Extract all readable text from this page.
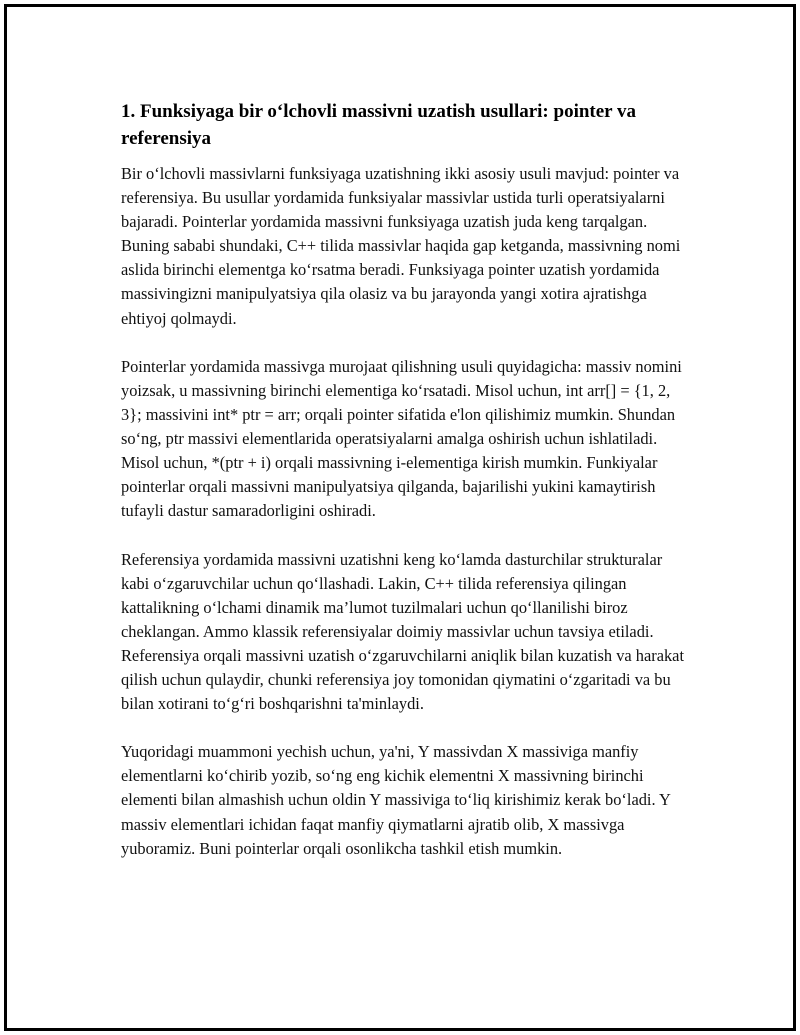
1. Funksiyaga bir o‘lchovli massivni uzatish usullari: pointer va referensiya

Bir o‘lchovli massivlarni funksiyaga uzatishning ikki asosiy usuli mavjud: pointer va referensiya. Bu usullar yordamida funksiyalar massivlar ustida turli operatsiyalarni bajaradi. Pointerlar yordamida massivni funksiyaga uzatish juda keng tarqalgan. Buning sababi shundaki, C++ tilida massivlar haqida gap ketganda, massivning nomi aslida birinchi elementga ko‘rsatma beradi. Funksiyaga pointer uzatish yordamida massivingizni manipulyatsiya qila olasiz va bu jarayonda yangi xotira ajratishga ehtiyoj qolmaydi.

Pointerlar yordamida massivga murojaat qilishning usuli quyidagicha: massiv nomini yoizsak, u massivning birinchi elementiga ko‘rsatadi. Misol uchun, int arr[] = {1, 2, 3}; massivini int* ptr = arr; orqali pointer sifatida e'lon qilishimiz mumkin. Shundan so‘ng, ptr massivi elementlarida operatsiyalarni amalga oshirish uchun ishlatiladi. Misol uchun, *(ptr + i) orqali massivning i-elementiga kirish mumkin. Funkiyalar pointerlar orqali massivni manipulyatsiya qilganda, bajarilishi yukini kamaytirish tufayli dastur samaradorligini oshiradi.

Referensiya yordamida massivni uzatishni keng ko‘lamda dasturchilar strukturalar kabi o‘zgaruvchilar uchun qo‘llashadi. Lakin, C++ tilida referensiya qilingan kattalikning o‘lchami dinamik ma’lumot tuzilmalari uchun qo‘llanilishi biroz cheklangan. Ammo klassik referensiyalar doimiy massivlar uchun tavsiya etiladi. Referensiya orqali massivni uzatish o‘zgaruvchilarni aniqlik bilan kuzatish va harakat qilish uchun qulaydir, chunki referensiya joy tomonidan qiymatini o‘zgaritadi va bu bilan xotirani to‘g‘ri boshqarishni ta'minlaydi.

Yuqoridagi muammoni yechish uchun, ya'ni, Y massivdan X massiviga manfiy elementlarni ko‘chirib yozib, so‘ng eng kichik elementni X massivning birinchi elementi bilan almashish uchun oldin Y massiviga to‘liq kirishimiz kerak bo‘ladi. Y massiv elementlari ichidan faqat manfiy qiymatlarni ajratib olib, X massivga yuboramiz. Buni pointerlar orqali osonlikcha tashkil etish mumkin.
